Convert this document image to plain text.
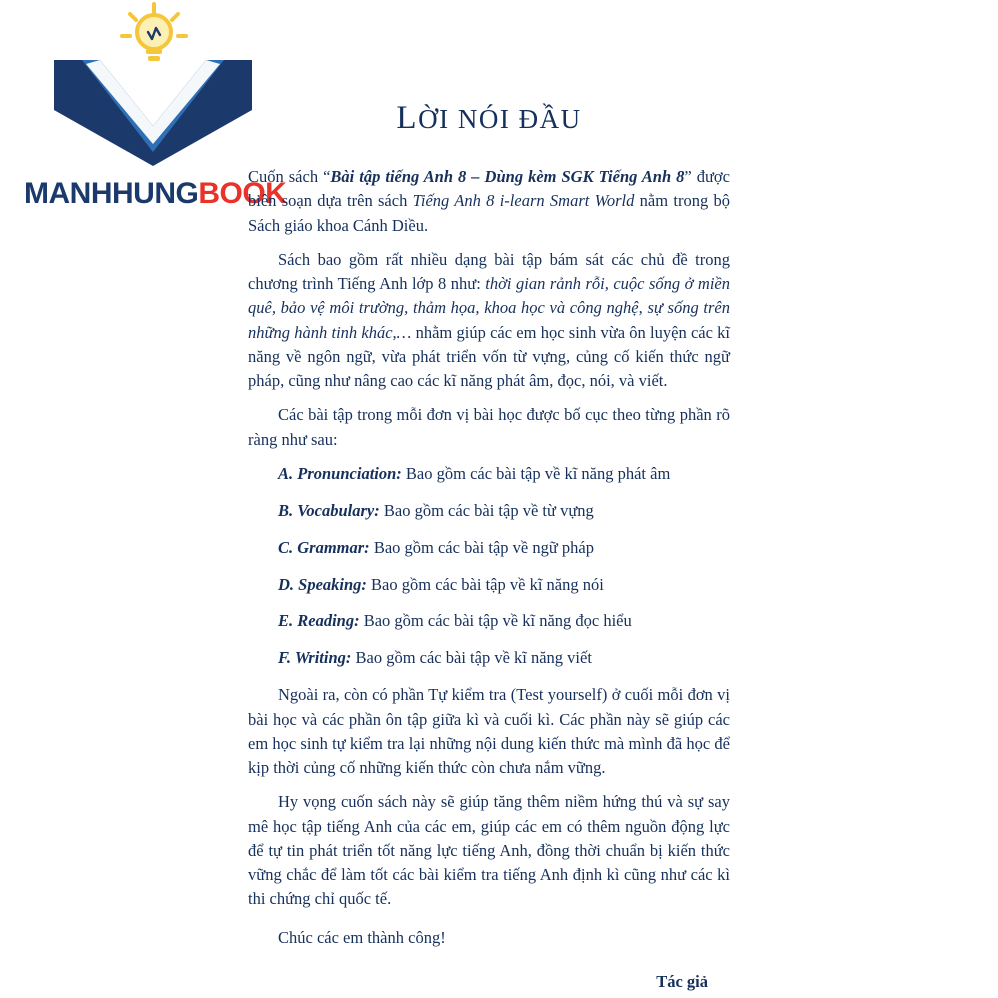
MANHHUNG BOOK
LỜI NÓI ĐẦU

Cuốn sách “Bài tập tiếng Anh 8 – Dùng kèm SGK Tiếng Anh 8” được biên soạn dựa trên sách Tiếng Anh 8 i-learn Smart World nằm trong bộ Sách giáo khoa Cánh Diều.

Sách bao gồm rất nhiều dạng bài tập bám sát các chủ đề trong chương trình Tiếng Anh lớp 8 như: thời gian rảnh rỗi, cuộc sống ở miền quê, bảo vệ môi trường, thảm họa, khoa học và công nghệ, sự sống trên những hành tinh khác,… nhằm giúp các em học sinh vừa ôn luyện các kĩ năng về ngôn ngữ, vừa phát triển vốn từ vựng, củng cố kiến thức ngữ pháp, cũng như nâng cao các kĩ năng phát âm, đọc, nói, và viết.

Các bài tập trong mỗi đơn vị bài học được bố cục theo từng phần rõ ràng như sau:

A. Pronunciation: Bao gồm các bài tập về kĩ năng phát âm

B. Vocabulary: Bao gồm các bài tập về từ vựng

C. Grammar: Bao gồm các bài tập về ngữ pháp

D. Speaking: Bao gồm các bài tập về kĩ năng nói

E. Reading: Bao gồm các bài tập về kĩ năng đọc hiểu

F. Writing: Bao gồm các bài tập về kĩ năng viết

Ngoài ra, còn có phần Tự kiểm tra (Test yourself) ở cuối mỗi đơn vị bài học và các phần ôn tập giữa kì và cuối kì. Các phần này sẽ giúp các em học sinh tự kiểm tra lại những nội dung kiến thức mà mình đã học để kịp thời củng cố những kiến thức còn chưa nắm vững.

Hy vọng cuốn sách này sẽ giúp tăng thêm niềm hứng thú và sự say mê học tập tiếng Anh của các em, giúp các em có thêm nguồn động lực để tự tin phát triển tốt năng lực tiếng Anh, đồng thời chuẩn bị kiến thức vững chắc để làm tốt các bài kiểm tra tiếng Anh định kì cũng như các kì thi chứng chỉ quốc tế.

Chúc các em thành công!

Tác giả
